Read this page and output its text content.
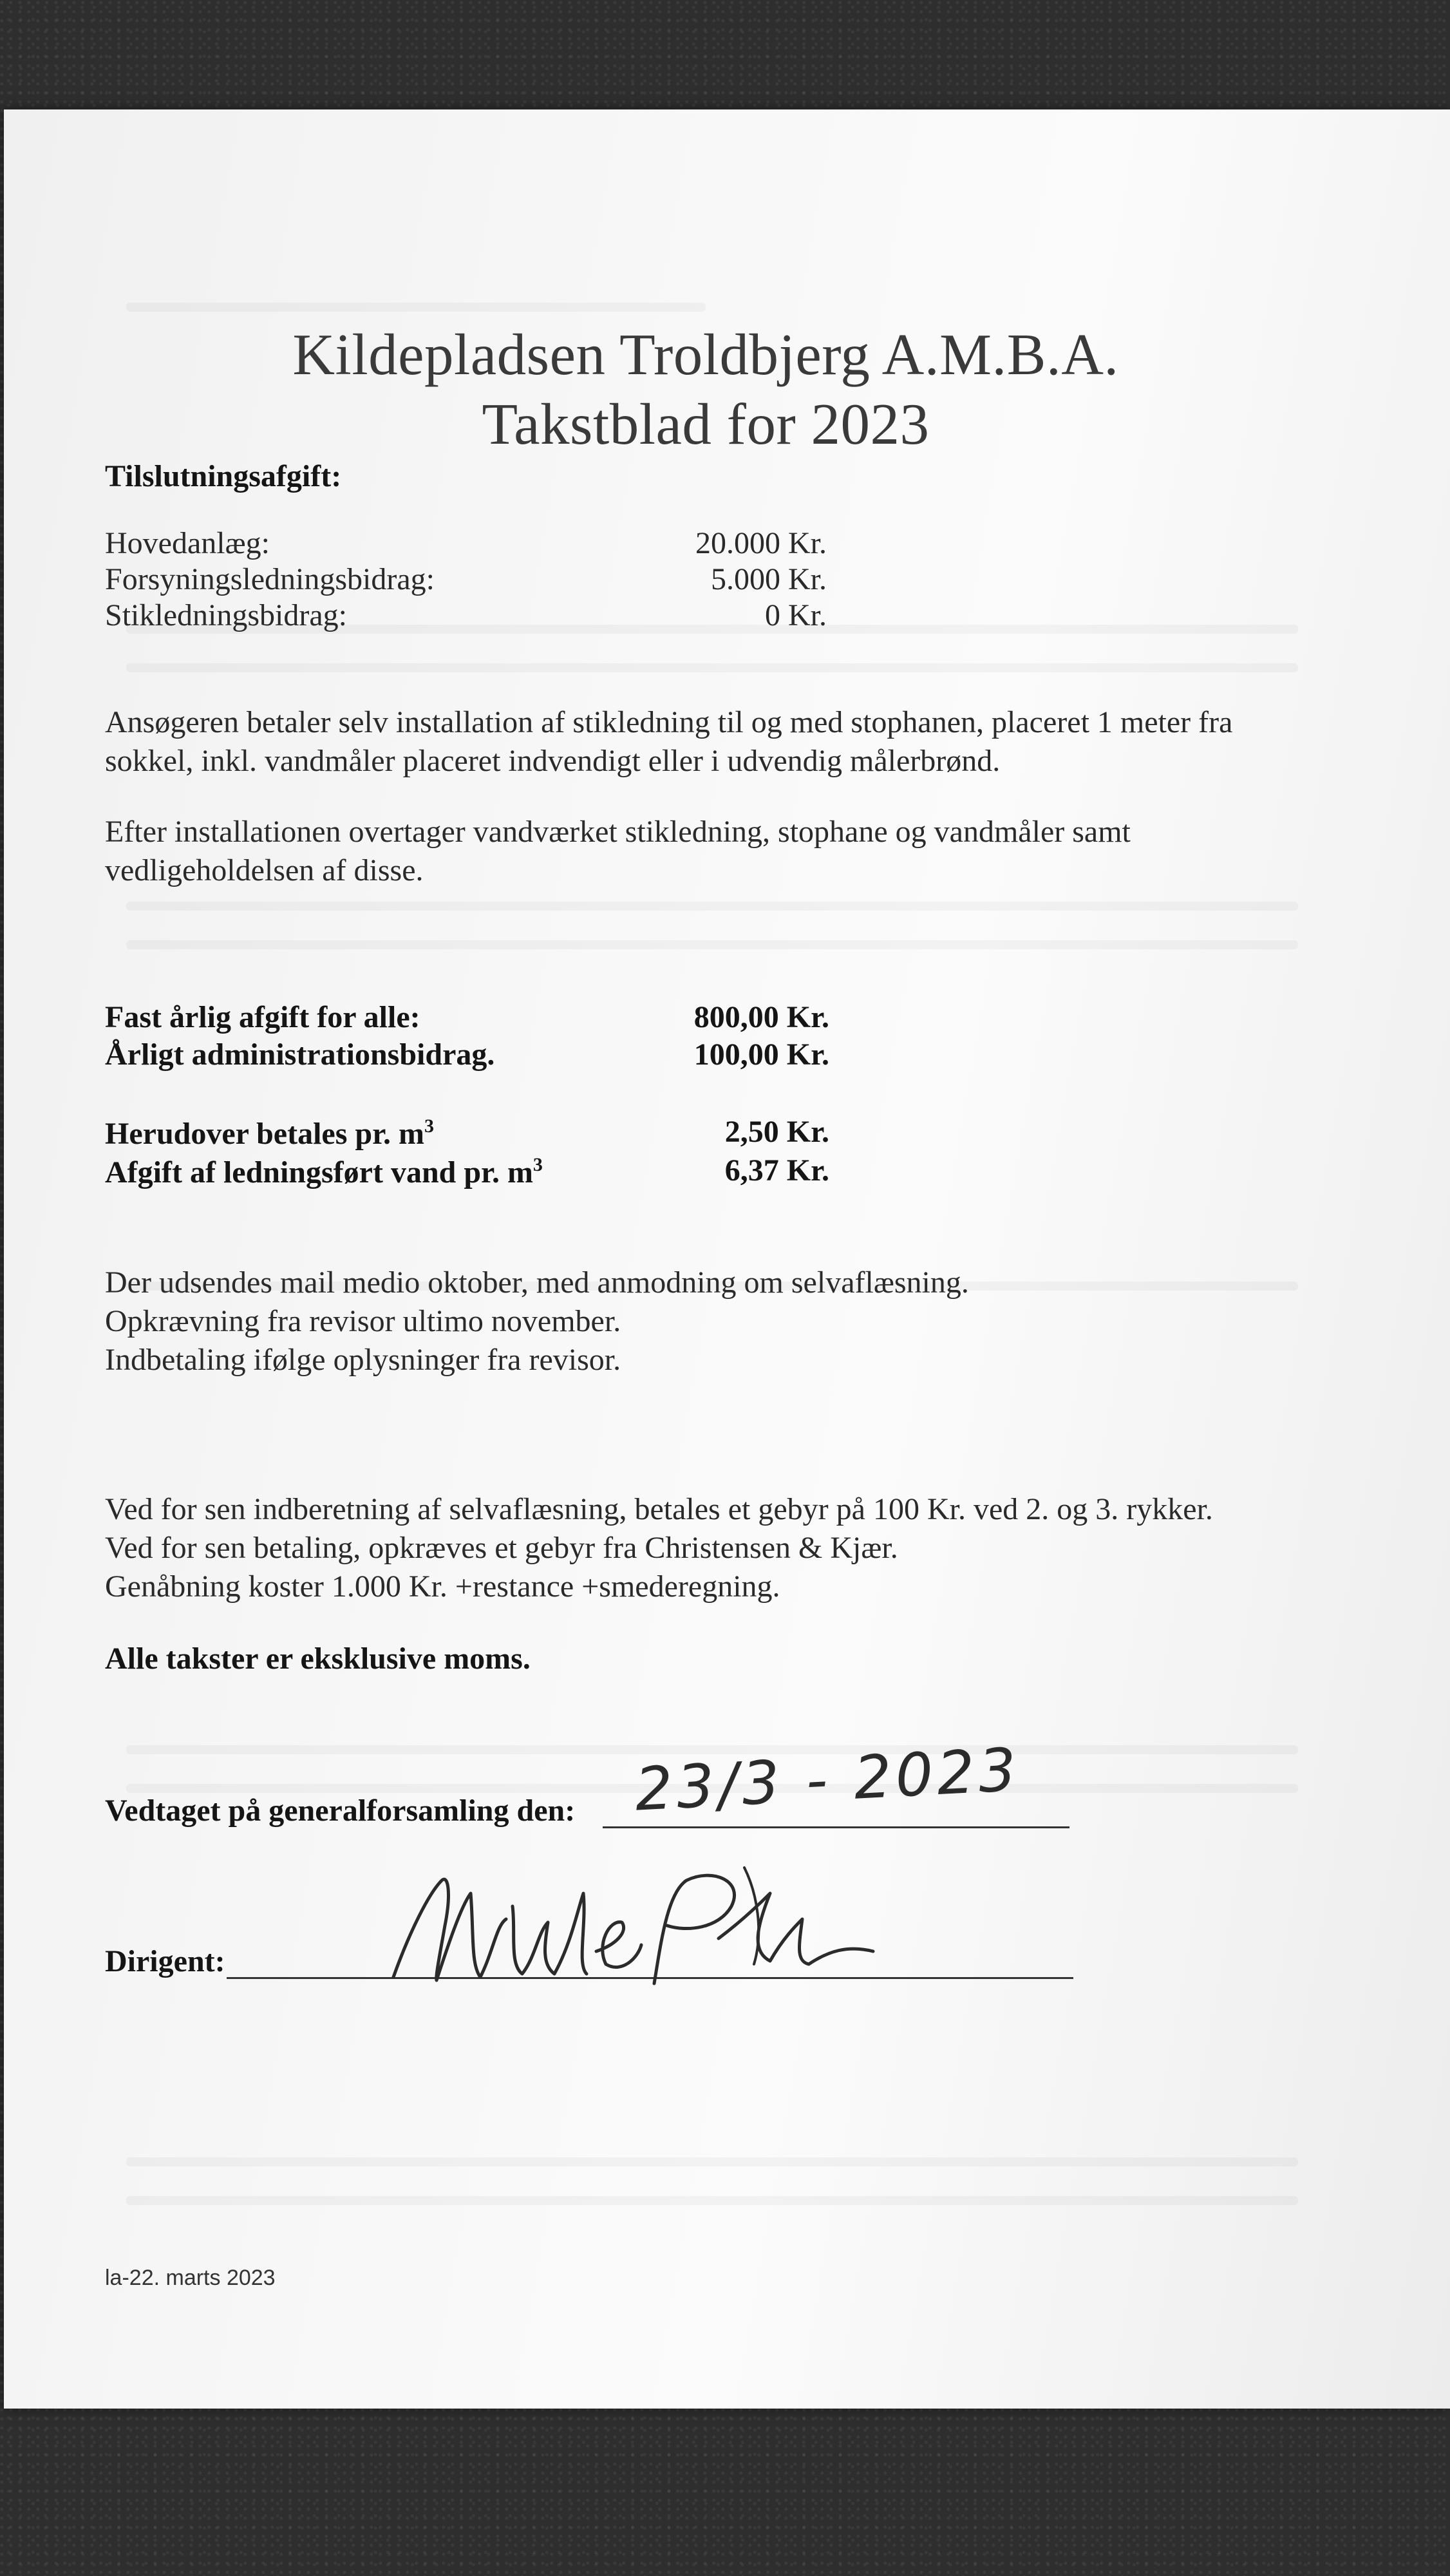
Kildepladsen Troldbjerg A.M.B.A.
Takstblad for 2023
Tilslutningsafgift:
Hovedanlæg:	20.000 Kr.
Forsyningsledningsbidrag:	5.000 Kr.
Stikledningsbidrag:	0 Kr.
Ansøgeren betaler selv installation af stikledning til og med stophanen, placeret 1 meter fra
sokkel, inkl. vandmåler placeret indvendigt eller i udvendig målerbrønd.
Efter installationen overtager vandværket stikledning, stophane og vandmåler samt
vedligeholdelsen af disse.
Fast årlig afgift for alle:	800,00 Kr.
Årligt administrationsbidrag.	100,00 Kr.
Herudover betales pr. $m^3$	2,50 Kr.
Afgift af ledningsført vand pr. $m^3$	6,37 Kr.
Der udsendes mail medio oktober, med anmodning om selvaflæsning.
Opkrævning fra revisor ultimo november.
Indbetaling ifølge oplysninger fra revisor.
Ved for sen indberetning af selvaflæsning, betales et gebyr på 100 Kr. ved 2. og 3. rykker.
Ved for sen betaling, opkræves et gebyr fra Christensen & Kjær.
Genåbning koster 1.000 Kr. +restance +smederegning.
Alle takster er eksklusive moms.
Vedtaget på generalforsamling den: 23/3 - 2023
Dirigent:
la-22. marts 2023
